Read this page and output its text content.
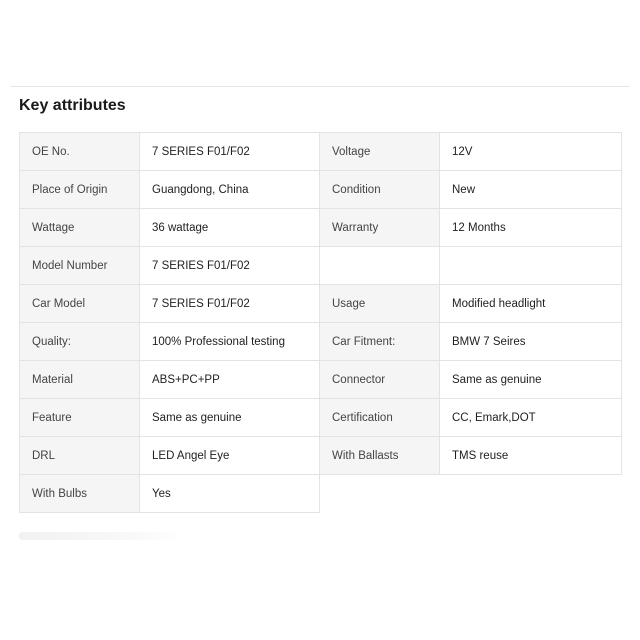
Key attributes
OE No.	7 SERIES F01/F02	Voltage	12V
Place of Origin	Guangdong, China	Condition	New
Wattage	36 wattage	Warranty	12 Months
Model Number	7 SERIES F01/F02		
Car Model	7 SERIES F01/F02	Usage	Modified headlight
Quality:	100% Professional testing	Car Fitment:	BMW 7 Seires
Material	ABS+PC+PP	Connector	Same as genuine
Feature	Same as genuine	Certification	CC, Emark,DOT
DRL	LED Angel Eye	With Ballasts	TMS reuse
With Bulbs	Yes		
